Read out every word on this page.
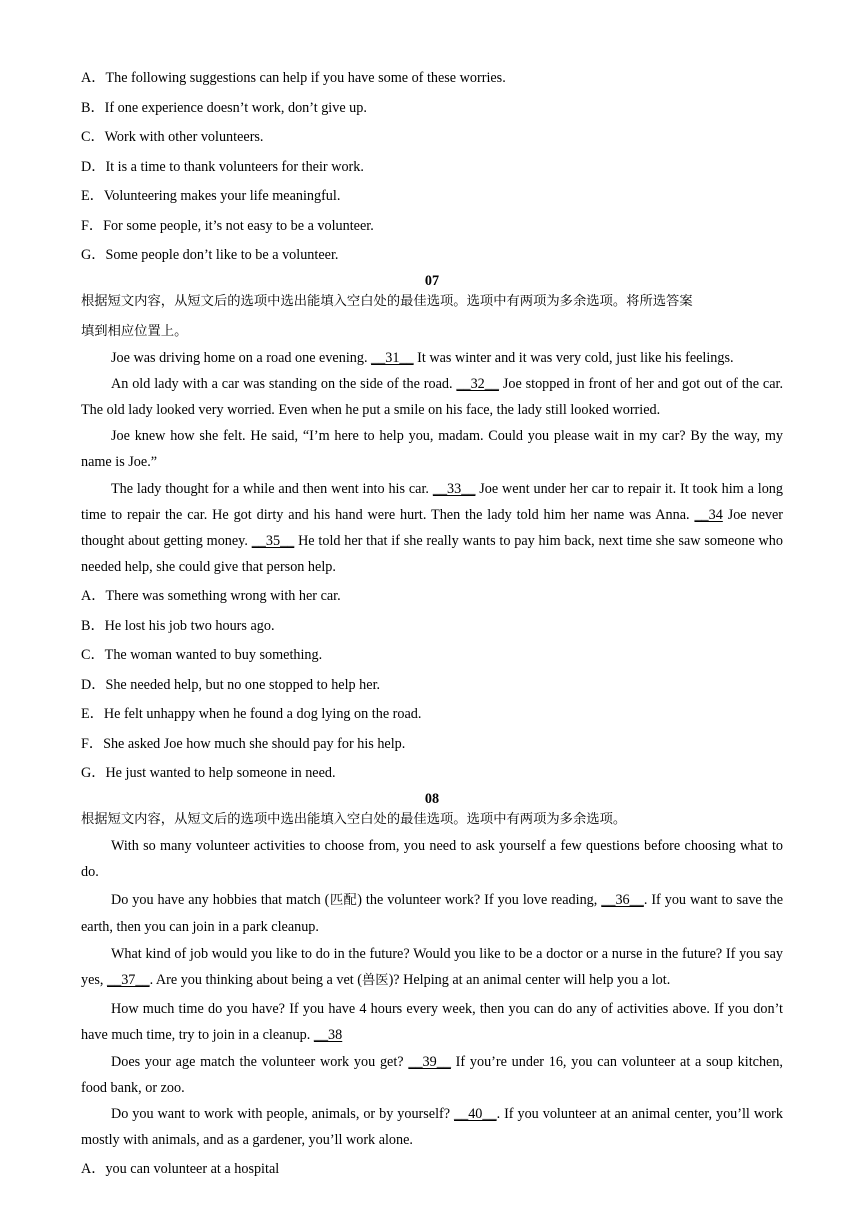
A．The following suggestions can help if you have some of these worries.
B．If one experience doesn’t work, don’t give up.
C．Work with other volunteers.
D．It is a time to thank volunteers for their work.
E．Volunteering makes your life meaningful.
F．For some people, it’s not easy to be a volunteer.
G．Some people don’t like to be a volunteer.
07
根据短文内容，从短文后的选项中选出能填入空白处的最佳选项。选项中有两项为多余选项。将所选答案
填到相应位置上。
Joe was driving home on a road one evening. __31__ It was winter and it was very cold, just like his feelings.
An old lady with a car was standing on the side of the road. __32__ Joe stopped in front of her and got out of the car. The old lady looked very worried. Even when he put a smile on his face, the lady still looked worried.
Joe knew how she felt. He said, “I’m here to help you, madam. Could you please wait in my car? By the way, my name is Joe.”
The lady thought for a while and then went into his car. __33__ Joe went under her car to repair it. It took him a long time to repair the car. He got dirty and his hand were hurt. Then the lady told him her name was Anna. __34 Joe never thought about getting money. __35__ He told her that if she really wants to pay him back, next time she saw someone who needed help, she could give that person help.
A．There was something wrong with her car.
B．He lost his job two hours ago.
C．The woman wanted to buy something.
D．She needed help, but no one stopped to help her.
E．He felt unhappy when he found a dog lying on the road.
F．She asked Joe how much she should pay for his help.
G．He just wanted to help someone in need.
08
根据短文内容，从短文后的选项中选出能填入空白处的最佳选项。选项中有两项为多余选项。
With so many volunteer activities to choose from, you need to ask yourself a few questions before choosing what to do.
Do you have any hobbies that match (匹配) the volunteer work? If you love reading, __36__. If you want to save the earth, then you can join in a park cleanup.
What kind of job would you like to do in the future? Would you like to be a doctor or a nurse in the future? If you say yes, __37__. Are you thinking about being a vet (兽医)? Helping at an animal center will help you a lot.
How much time do you have? If you have 4 hours every week, then you can do any of activities above. If you don’t have much time, try to join in a cleanup. __38
Does your age match the volunteer work you get? __39__ If you’re under 16, you can volunteer at a soup kitchen, food bank, or zoo.
Do you want to work with people, animals, or by yourself? __40__. If you volunteer at an animal center, you’ll work mostly with animals, and as a gardener, you’ll work alone.
A．you can volunteer at a hospital
